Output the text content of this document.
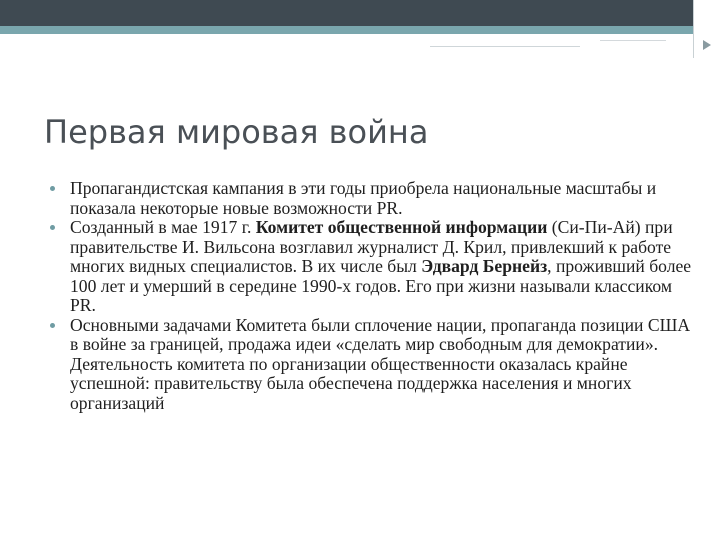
Первая мировая война
Пропагандистская кампания в эти годы приобрела национальные масштабы и показала некоторые новые возможности PR.
Созданный в мае 1917 г. Комитет общественной информации (Си-Пи-Ай) при правительстве И. Вильсона возглавил журналист Д. Крил, привлекший к работе многих видных специалистов. В их числе был Эдвард Бернейз, проживший более 100 лет и умерший в середине 1990-х годов. Его при жизни называли классиком PR.
Основными задачами Комитета были сплочение нации, пропаганда позиции США в войне за границей, продажа идеи «сделать мир свободным для демократии». Деятельность комитета по организации общественности оказалась крайне успешной: правительству была обеспечена поддержка населения и многих организаций
